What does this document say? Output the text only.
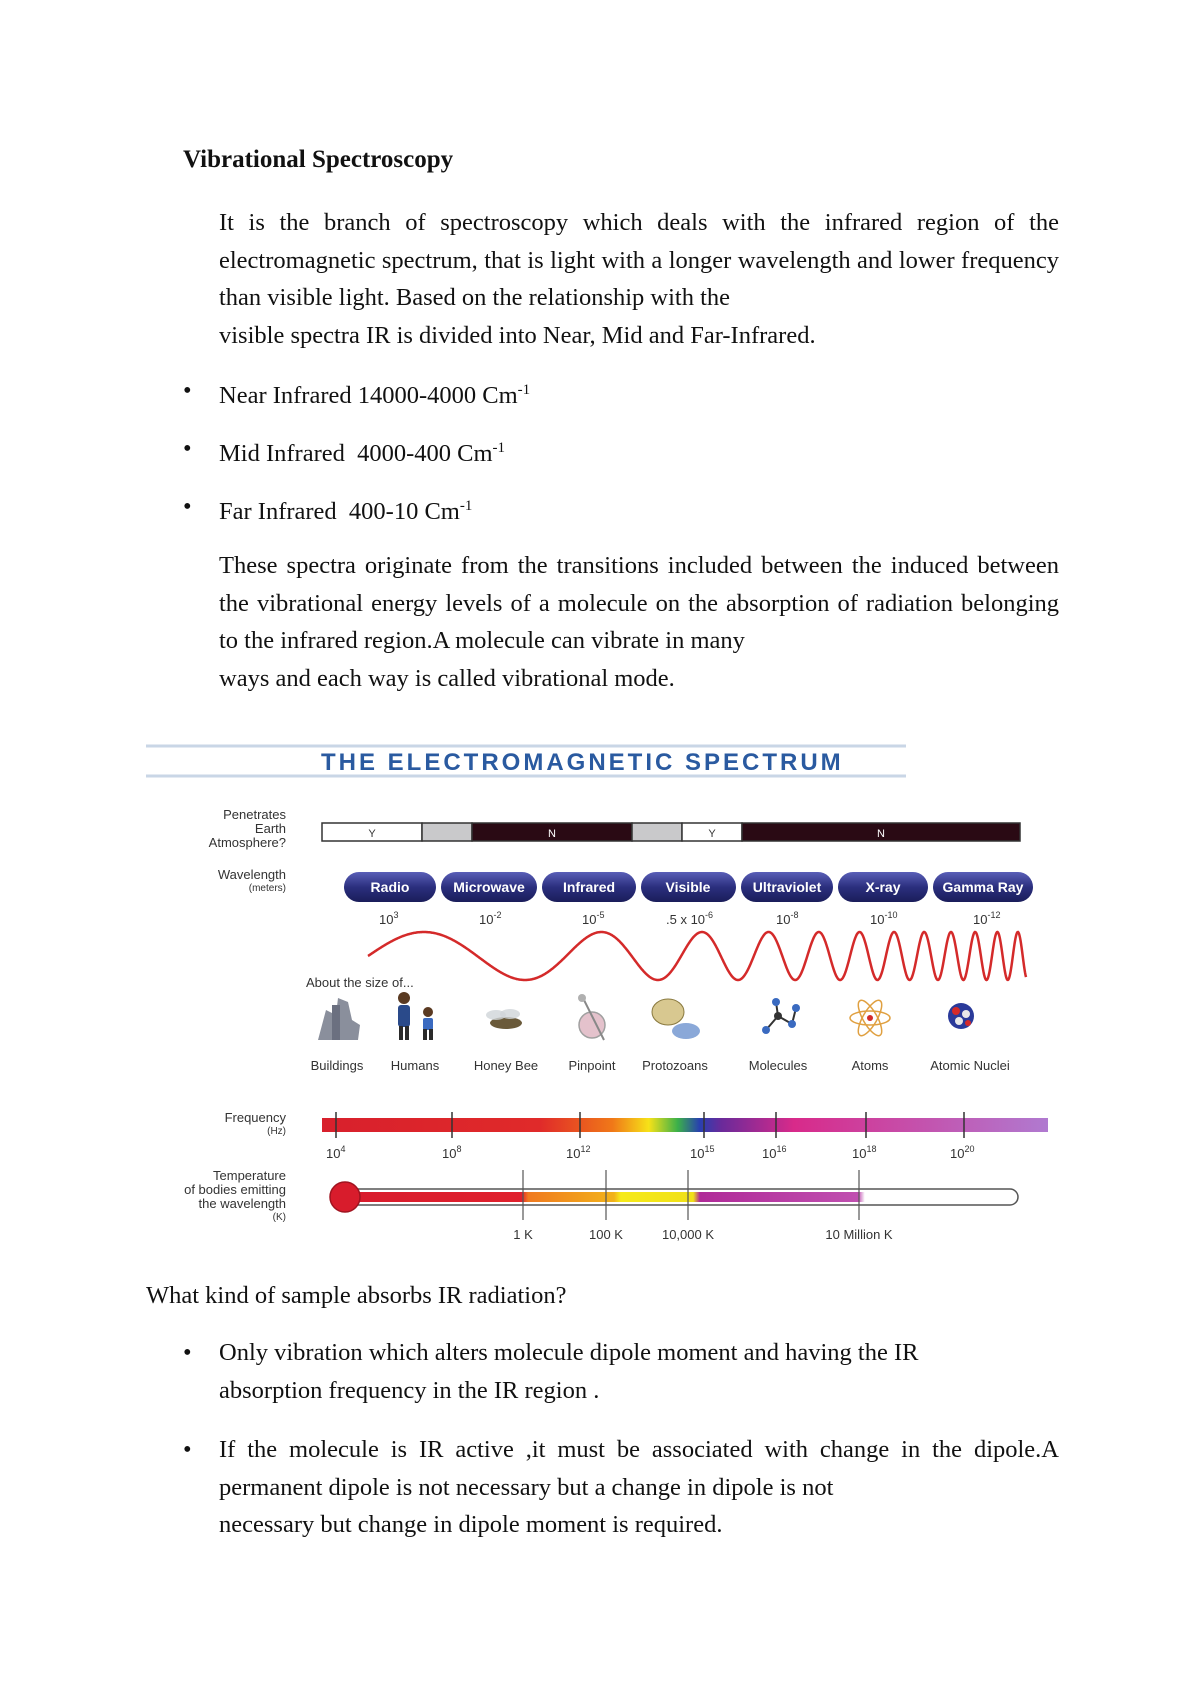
Vibrational Spectroscopy

It is the branch of spectroscopy which deals with the infrared region of the electromagnetic spectrum, that is light with a longer wavelength and lower frequency than visible light. Based on the relationship with the
visible spectra IR is divided into Near, Mid and Far-Infrared.

• Near Infrared 14000-4000 $Cm^{-1}$
• Mid Infrared  4000-400 $Cm^{-1}$
• Far Infrared  400-10 $Cm^{-1}$

These spectra originate from the transitions included between the induced between the vibrational energy levels of a molecule on the absorption of radiation belonging to the infrared region.A molecule can vibrate in many
ways and each way is called vibrational mode.

THE ELECTROMAGNETIC SPECTRUM
Penetrates
Earth
Atmosphere?
Wavelength
(meters)
Frequency
(Hz)
Temperature
of bodies emitting
the wavelength
(K)
Y	N	Y	N
Radio	Microwave	Infrared	Visible	Ultraviolet	X-ray	Gamma Ray
$10^3$	$10^{-2}$	$10^{-5}$	.5 x $10^{-6}$	$10^{-8}$	$10^{-10}$	$10^{-12}$
About the size of...
Buildings Humans	Honey Bee Pinpoint Protozoans	Molecules	Atoms	Atomic Nuclei
$10^4$	$10^8$	$10^{12}$	$10^{15}$	$10^{16}$	$10^{18}$	$10^{20}$
1 K	100 K	10,000 K	10 Million K
What kind of sample absorbs IR radiation?
• Only vibration which alters molecule dipole moment and having the IR
absorption frequency in the IR region .

• If the molecule is IR active ,it must be associated with change in the dipole.A permanent dipole is not necessary but a change in dipole is not
necessary but change in dipole moment is required.
